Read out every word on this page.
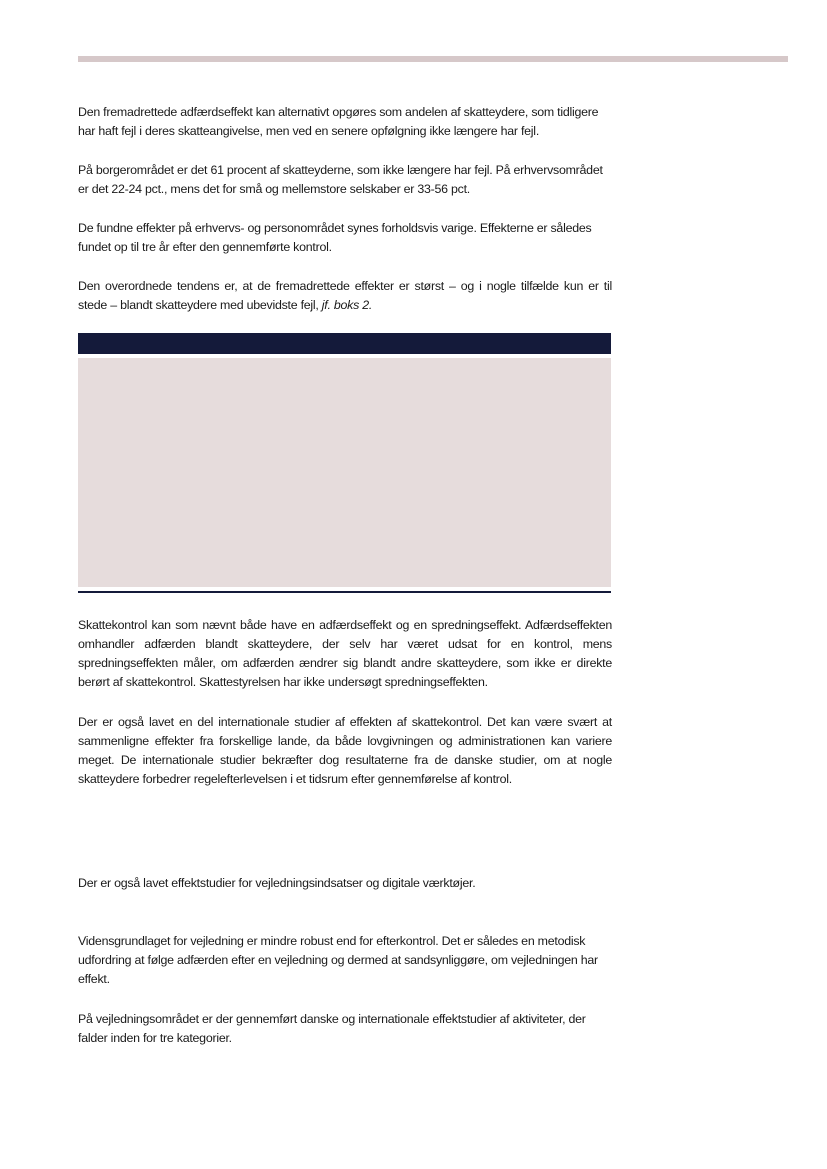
Den fremadrettede adfærdseffekt kan alternativt opgøres som andelen af skatteydere, som tidligere har haft fejl i deres skatteangivelse, men ved en senere opfølgning ikke længere har fejl.

På borgerområdet er det 61 procent af skatteyderne, som ikke længere har fejl. På erhvervsområdet er det 22-24 pct., mens det for små og mellemstore selskaber er 33-56 pct.

De fundne effekter på erhvervs- og personområdet synes forholdsvis varige. Effekterne er således fundet op til tre år efter den gennemførte kontrol.

Den overordnede tendens er, at de fremadrettede effekter er størst – og i nogle tilfælde kun er til stede – blandt skatteydere med ubevidste fejl, jf. boks 2.

Skattekontrol kan som nævnt både have en adfærdseffekt og en spredningseffekt. Adfærdseffekten omhandler adfærden blandt skatteydere, der selv har været udsat for en kontrol, mens spredningseffekten måler, om adfærden ændrer sig blandt andre skatteydere, som ikke er direkte berørt af skattekontrol. Skattestyrelsen har ikke undersøgt spredningseffekten.

Der er også lavet en del internationale studier af effekten af skattekontrol. Det kan være svært at sammenligne effekter fra forskellige lande, da både lovgivningen og administrationen kan variere meget. De internationale studier bekræfter dog resultaterne fra de danske studier, om at nogle skatteydere forbedrer regelefterlevelsen i et tidsrum efter gennemførelse af kontrol.

Der er også lavet effektstudier for vejledningsindsatser og digitale værktøjer.

Vidensgrundlaget for vejledning er mindre robust end for efterkontrol. Det er således en metodisk udfordring at følge adfærden efter en vejledning og dermed at sandsynliggøre, om vejledningen har effekt.

På vejledningsområdet er der gennemført danske og internationale effektstudier af aktiviteter, der falder inden for tre kategorier.
